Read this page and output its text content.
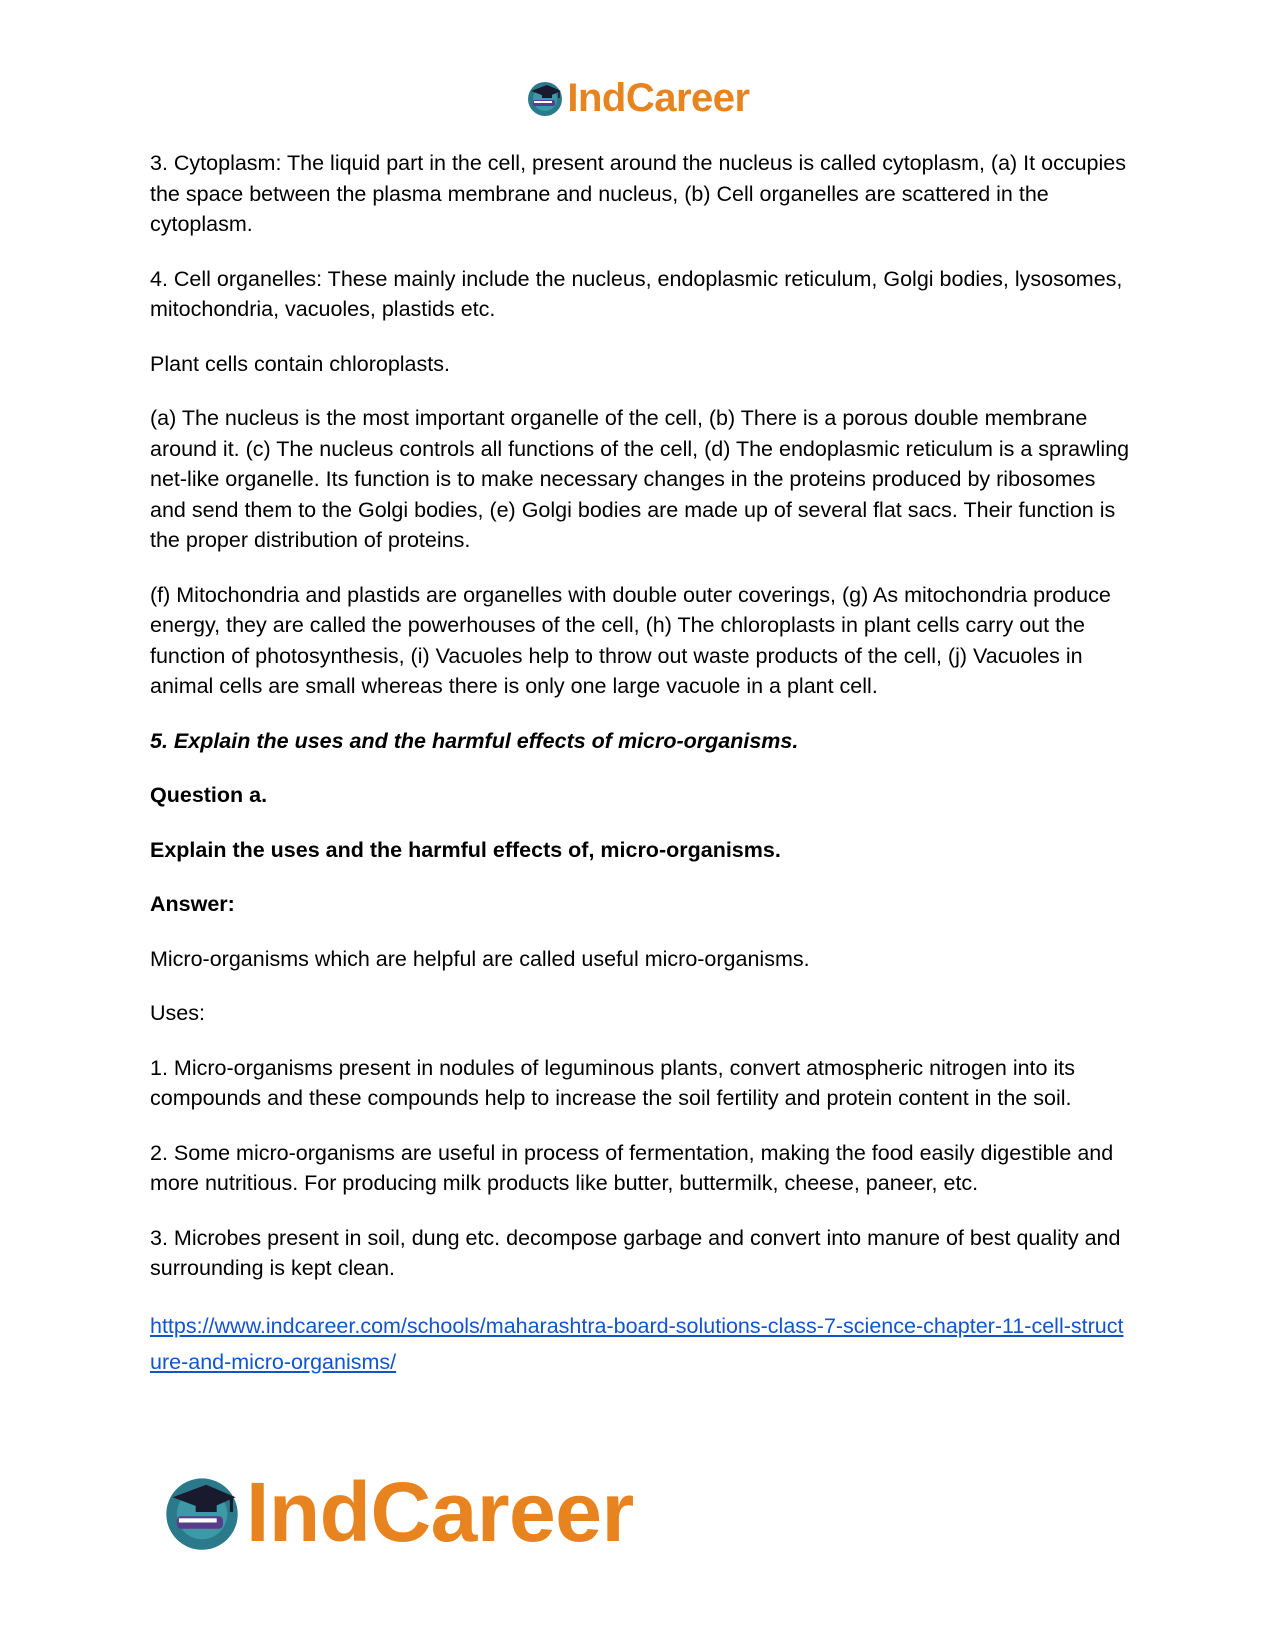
IndCareer

3. Cytoplasm: The liquid part in the cell, present around the nucleus is called cytoplasm, (a) It occupies the space between the plasma membrane and nucleus, (b) Cell organelles are scattered in the cytoplasm.

4. Cell organelles: These mainly include the nucleus, endoplasmic reticulum, Golgi bodies, lysosomes, mitochondria, vacuoles, plastids etc.

Plant cells contain chloroplasts.

(a) The nucleus is the most important organelle of the cell, (b) There is a porous double membrane around it. (c) The nucleus controls all functions of the cell, (d) The endoplasmic reticulum is a sprawling net-like organelle. Its function is to make necessary changes in the proteins produced by ribosomes and send them to the Golgi bodies, (e) Golgi bodies are made up of several flat sacs. Their function is the proper distribution of proteins.

(f) Mitochondria and plastids are organelles with double outer coverings, (g) As mitochondria produce energy, they are called the powerhouses of the cell, (h) The chloroplasts in plant cells carry out the function of photosynthesis, (i) Vacuoles help to throw out waste products of the cell, (j) Vacuoles in animal cells are small whereas there is only one large vacuole in a plant cell.

5. Explain the uses and the harmful effects of micro-organisms.

Question a.

Explain the uses and the harmful effects of, micro-organisms.

Answer:

Micro-organisms which are helpful are called useful micro-organisms.

Uses:

1. Micro-organisms present in nodules of leguminous plants, convert atmospheric nitrogen into its compounds and these compounds help to increase the soil fertility and protein content in the soil.

2. Some micro-organisms are useful in process of fermentation, making the food easily digestible and more nutritious. For producing milk products like butter, buttermilk, cheese, paneer, etc.

3. Microbes present in soil, dung etc. decompose garbage and convert into manure of best quality and surrounding is kept clean.

https://www.indcareer.com/schools/maharashtra-board-solutions-class-7-science-chapter-11-cell-structure-and-micro-organisms/
IndCareer
